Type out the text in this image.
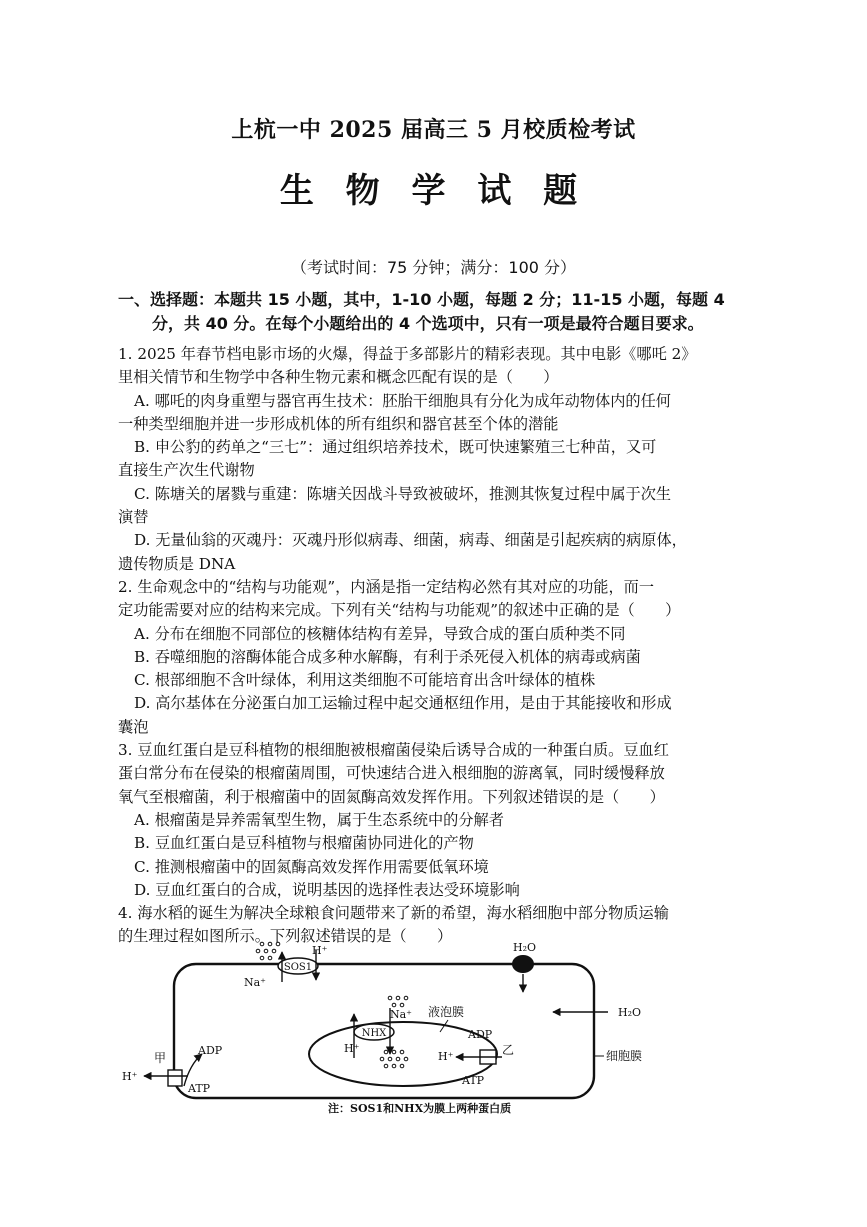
上杭一中 2025 届高三 5 月校质检考试
生 物 学 试 题
（考试时间：75 分钟；满分：100 分）
一、选择题：本题共 15 小题，其中，1-10 小题，每题 2 分；11-15 小题，每题 4
分，共 40 分。在每个小题给出的 4 个选项中，只有一项是最符合题目要求。
1. 2025 年春节档电影市场的火爆，得益于多部影片的精彩表现。其中电影《哪吒 2》
里相关情节和生物学中各种生物元素和概念匹配有误的是（　　）
A. 哪吒的肉身重塑与器官再生技术：胚胎干细胞具有分化为成年动物体内的任何
一种类型细胞并进一步形成机体的所有组织和器官甚至个体的潜能
B. 申公豹的药单之“三七”：通过组织培养技术，既可快速繁殖三七种苗，又可
直接生产次生代谢物
C. 陈塘关的屠戮与重建：陈塘关因战斗导致被破坏，推测其恢复过程中属于次生
演替
D. 无量仙翁的灭魂丹：灭魂丹形似病毒、细菌，病毒、细菌是引起疾病的病原体，
遗传物质是 DNA
2. 生命观念中的“结构与功能观”，内涵是指一定结构必然有其对应的功能，而一
定功能需要对应的结构来完成。下列有关“结构与功能观”的叙述中正确的是（　　）
A. 分布在细胞不同部位的核糖体结构有差异，导致合成的蛋白质种类不同
B. 吞噬细胞的溶酶体能合成多种水解酶，有利于杀死侵入机体的病毒或病菌
C. 根部细胞不含叶绿体，利用这类细胞不可能培育出含叶绿体的植株
D. 高尔基体在分泌蛋白加工运输过程中起交通枢纽作用，是由于其能接收和形成
囊泡
3. 豆血红蛋白是豆科植物的根细胞被根瘤菌侵染后诱导合成的一种蛋白质。豆血红
蛋白常分布在侵染的根瘤菌周围，可快速结合进入根细胞的游离氧，同时缓慢释放
氧气至根瘤菌，利于根瘤菌中的固氮酶高效发挥作用。下列叙述错误的是（　　）
A. 根瘤菌是异养需氧型生物，属于生态系统中的分解者
B. 豆血红蛋白是豆科植物与根瘤菌协同进化的产物
C. 推测根瘤菌中的固氮酶高效发挥作用需要低氧环境
D. 豆血红蛋白的合成，说明基因的选择性表达受环境影响
4. 海水稻的诞生为解决全球粮食问题带来了新的希望，海水稻细胞中部分物质运输
的生理过程如图所示。下列叙述错误的是（　　）
SOS1
H⁺
Na⁺
H₂O
H₂O
NHX
H⁺
Na⁺ 液泡膜
H⁺	乙
ADP
ATP
细胞膜
H⁺
甲
ADP
ATP
注：SOS1和NHX为膜上两种蛋白质
